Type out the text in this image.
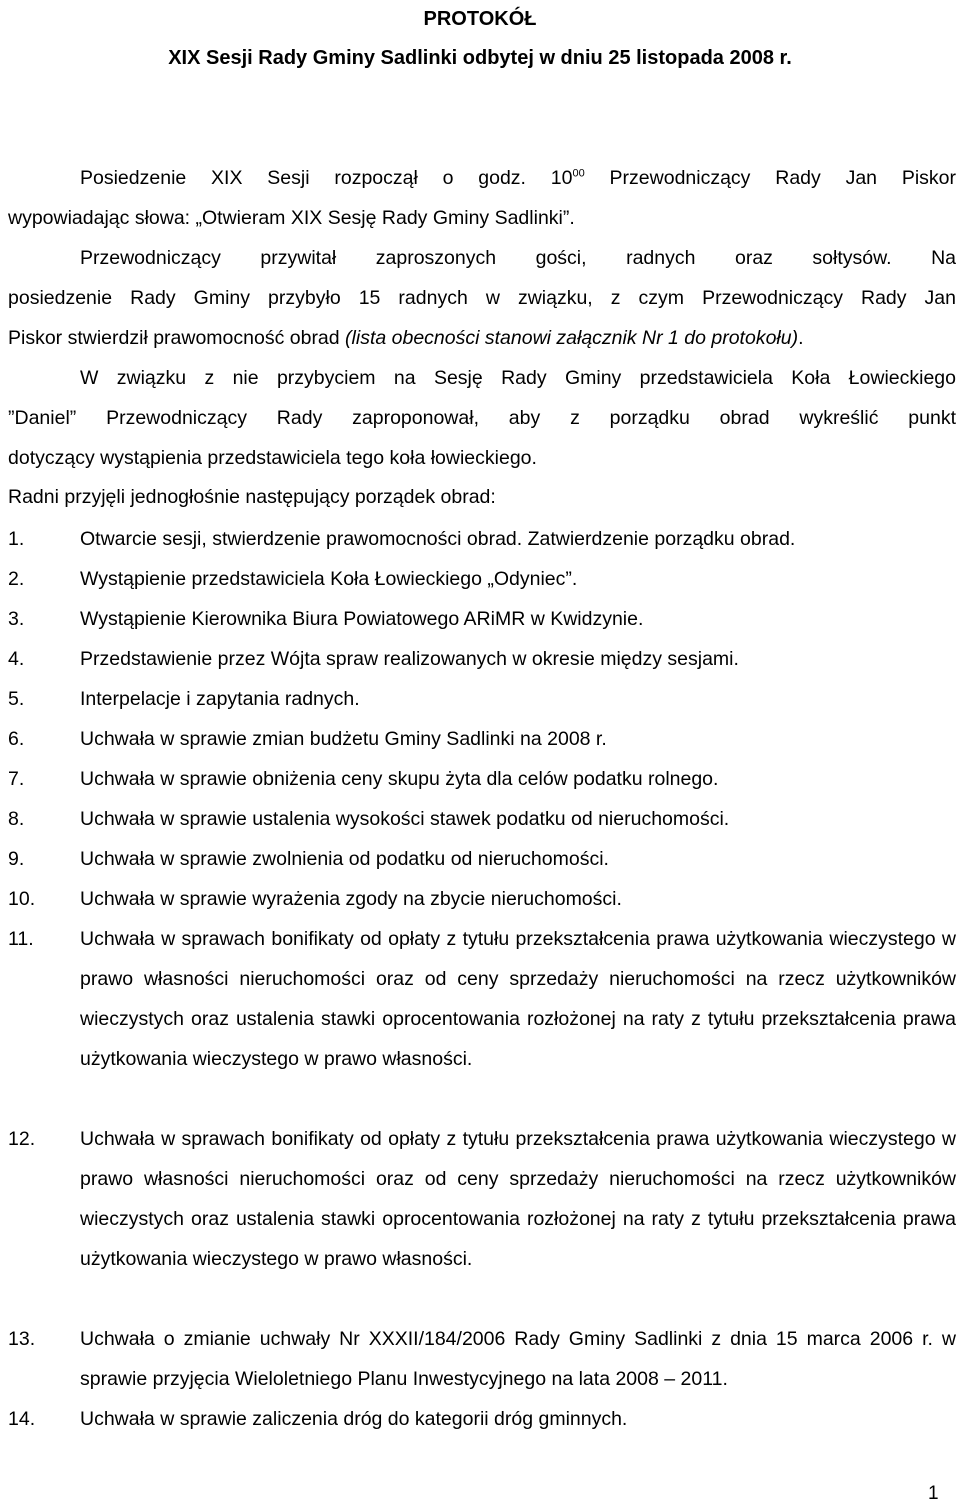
PROTOKÓŁ
XIX Sesji Rady Gminy Sadlinki odbytej w dniu 25 listopada 2008 r.
Posiedzenie XIX Sesji rozpoczął o godz. $10^{00}$ Przewodniczący Rady Jan Piskor
wypowiadając słowa: „Otwieram XIX Sesję Rady Gminy Sadlinki”.
Przewodniczący przywitał zaproszonych gości, radnych oraz sołtysów. Na
posiedzenie Rady Gminy przybyło 15 radnych w związku, z czym Przewodniczący Rady Jan
Piskor stwierdził prawomocność obrad (lista obecności stanowi załącznik Nr 1 do protokołu).
W związku z nie przybyciem na Sesję Rady Gminy przedstawiciela Koła Łowieckiego
”Daniel” Przewodniczący Rady zaproponował, aby z porządku obrad wykreślić punkt
dotyczący wystąpienia przedstawiciela tego koła łowieckiego.
Radni przyjęli jednogłośnie następujący porządek obrad:
1.	Otwarcie sesji, stwierdzenie prawomocności obrad. Zatwierdzenie porządku obrad.
2.	Wystąpienie przedstawiciela Koła Łowieckiego „Odyniec”.
3.	Wystąpienie Kierownika Biura Powiatowego ARiMR w Kwidzynie.
4.	Przedstawienie przez Wójta spraw realizowanych w okresie między sesjami.
5.	Interpelacje i zapytania radnych.
6.	Uchwała w sprawie zmian budżetu Gminy Sadlinki na 2008 r.
7.	Uchwała w sprawie obniżenia ceny skupu żyta dla celów podatku rolnego.
8.	Uchwała w sprawie ustalenia wysokości stawek podatku od nieruchomości.
9.	Uchwała w sprawie zwolnienia od podatku od nieruchomości.
10. Uchwała w sprawie wyrażenia zgody na zbycie nieruchomości.
11. Uchwała w sprawach bonifikaty od opłaty z tytułu przekształcenia prawa użytkowania wieczystego w prawo własności nieruchomości oraz od ceny sprzedaży nieruchomości na rzecz użytkowników wieczystych oraz ustalenia stawki oprocentowania rozłożonej na raty z tytułu przekształcenia prawa użytkowania wieczystego w prawo własności.
12. Uchwała w sprawach bonifikaty od opłaty z tytułu przekształcenia prawa użytkowania wieczystego w prawo własności nieruchomości oraz od ceny sprzedaży nieruchomości na rzecz użytkowników wieczystych oraz ustalenia stawki oprocentowania rozłożonej na raty z tytułu przekształcenia prawa użytkowania wieczystego w prawo własności.
13. Uchwała o zmianie uchwały Nr XXXII/184/2006 Rady Gminy Sadlinki z dnia 15 marca 2006 r. w sprawie przyjęcia Wieloletniego Planu Inwestycyjnego na lata 2008 – 2011.
14. Uchwała w sprawie zaliczenia dróg do kategorii dróg gminnych.
1
